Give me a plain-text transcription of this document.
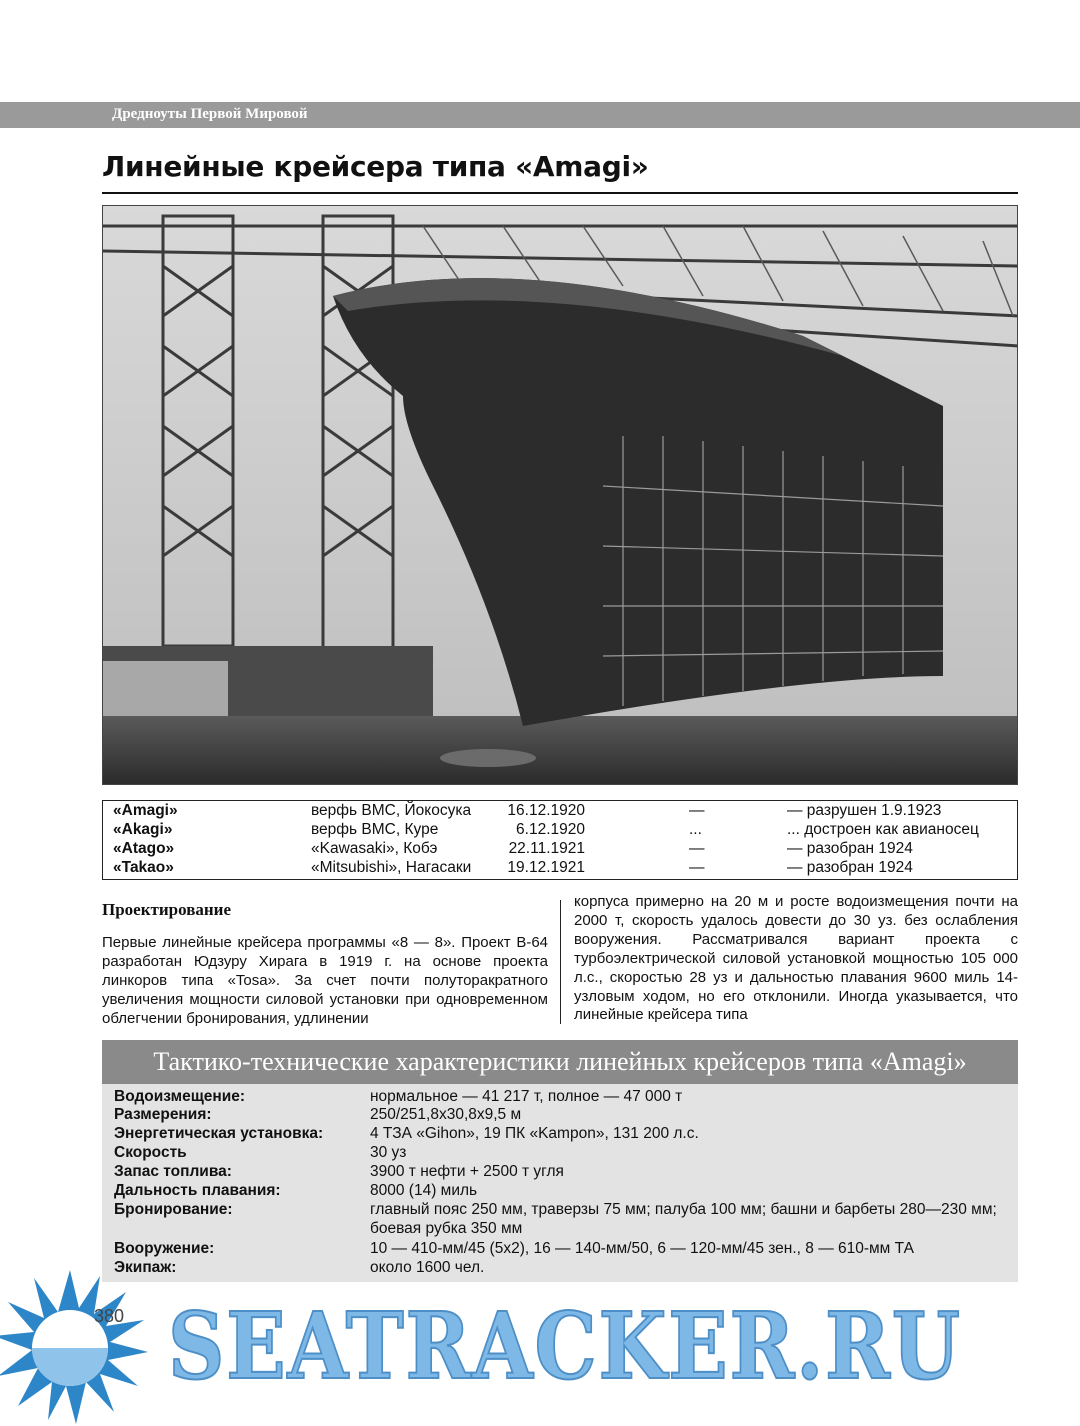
Дредноуты Первой Мировой
Линейные крейсера типа «Amagi»
«Amagi»	верфь ВМС, Йокосука	16.12.1920	—	— разрушен 1.9.1923
«Akagi»	верфь ВМС, Куре	6.12.1920	...	... достроен как авианосец
«Atago»	«Kawasaki», Кобэ	22.11.1921	—	— разобран 1924
«Takao»	«Mitsubishi», Нагасаки	19.12.1921	—	— разобран 1924
Проектирование

Первые линейные крейсера программы «8 — 8». Проект В-64 разработан Юдзуру Хирага в 1919 г. на основе проекта линкоров типа «Tosa». За счет почти полуторакратного увеличения мощности силовой установки при одновременном облегчении бронирования, удлинении

корпуса примерно на 20 м и росте водоизмещения почти на 2000 т, скорость удалось довести до 30 уз. без ослабления вооружения. Рассматривался вариант проекта с турбоэлектрической силовой установкой мощностью 105 000 л.с., скоростью 28 уз и дальностью плавания 9600 миль 14-узловым ходом, но его отклонили. Иногда указывается, что линейные крейсера типа

Тактико-технические характеристики линейных крейсеров типа «Amagi»
Водоизмещение:	нормальное — 41 217 т, полное — 47 000 т
Размерения:	250/251,8х30,8х9,5 м
Энергетическая установка:	4 ТЗА «Gihon», 19 ПК «Kampon», 131 200 л.с.
Скорость	30 уз
Запас топлива:	3900 т нефти + 2500 т угля
Дальность плавания:	8000 (14) миль
Бронирование:	главный пояс 250 мм, траверзы 75 мм; палуба 100 мм; башни и барбеты 280—230 мм; боевая рубка 350 мм
Вооружение:	10 — 410-мм/45 (5х2), 16 — 140-мм/50, 6 — 120-мм/45 зен., 8 — 610-мм ТА
Экипаж:	около 1600 чел.
380 SEATRACKER.RU
